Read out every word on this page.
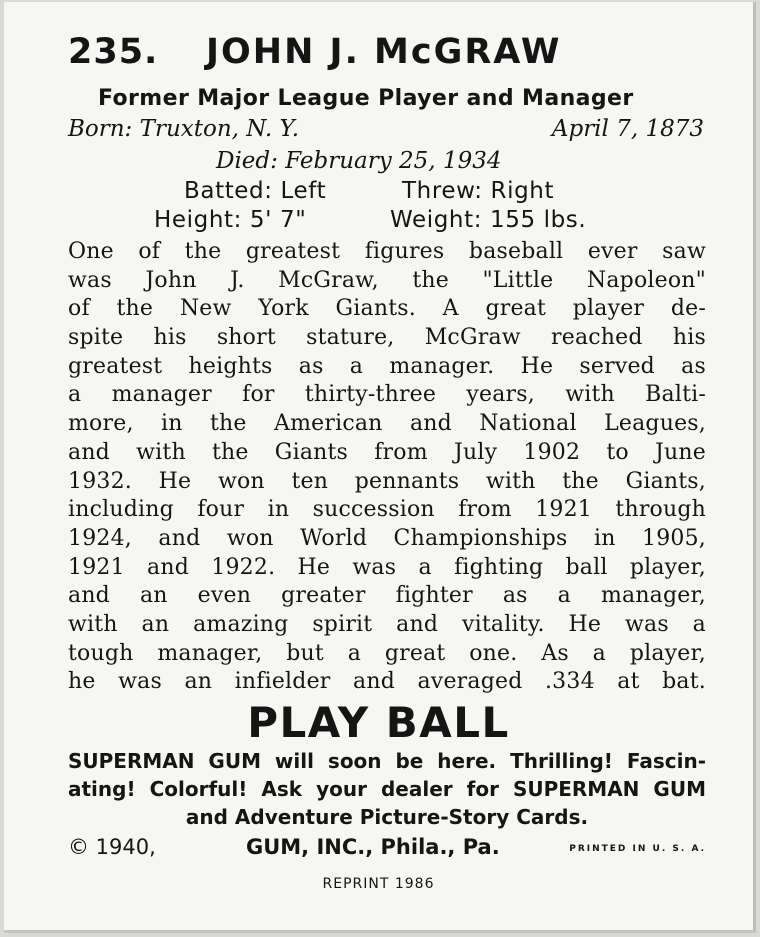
235. JOHN J. McGRAW
Former Major League Player and Manager
Born: Truxton, N. Y.	April 7, 1873
Died: February 25, 1934
Batted: Left	Threw: Right
Height: 5' 7"	Weight: 155 lbs.
One of the greatest figures baseball ever saw
was John J. McGraw, the "Little Napoleon"
of the New York Giants. A great player de-
spite his short stature, McGraw reached his
greatest heights as a manager. He served as
a manager for thirty-three years, with Balti-
more, in the American and National Leagues,
and with the Giants from July 1902 to June
1932. He won ten pennants with the Giants,
including four in succession from 1921 through
1924, and won World Championships in 1905,
1921 and 1922. He was a fighting ball player,
and an even greater fighter as a manager,
with an amazing spirit and vitality. He was a
tough manager, but a great one. As a player,
he was an infielder and averaged .334 at bat.
PLAY BALL
SUPERMAN GUM will soon be here. Thrilling! Fascin-
ating! Colorful! Ask your dealer for SUPERMAN GUM
and Adventure Picture-Story Cards.
© 1940,	GUM, INC., Phila., Pa.	PRINTED IN U. S. A.
REPRINT 1986
